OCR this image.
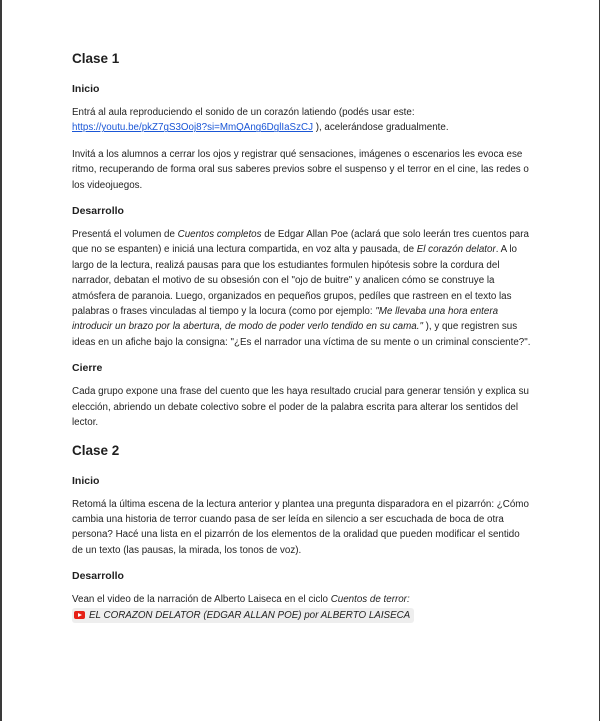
Clase 1
Inicio

Entrá al aula reproduciendo el sonido de un corazón latiendo (podés usar este: https://youtu.be/pkZ7gS3Ooj8?si=MmQAng6DglIaSzCJ ), acelerándose gradualmente.

Invitá a los alumnos a cerrar los ojos y registrar qué sensaciones, imágenes o escenarios les evoca ese ritmo, recuperando de forma oral sus saberes previos sobre el suspenso y el terror en el cine, las redes o los videojuegos.

Desarrollo

Presentá el volumen de Cuentos completos de Edgar Allan Poe (aclará que solo leerán tres cuentos para que no se espanten) e iniciá una lectura compartida, en voz alta y pausada, de El corazón delator. A lo largo de la lectura, realizá pausas para que los estudiantes formulen hipótesis sobre la cordura del narrador, debatan el motivo de su obsesión con el "ojo de buitre" y analicen cómo se construye la atmósfera de paranoia. Luego, organizados en pequeños grupos, pedíles que rastreen en el texto las palabras o frases vinculadas al tiempo y la locura (como por ejemplo: "Me llevaba una hora entera introducir un brazo por la abertura, de modo de poder verlo tendido en su cama." ), y que registren sus ideas en un afiche bajo la consigna: "¿Es el narrador una víctima de su mente o un criminal consciente?".

Cierre

Cada grupo expone una frase del cuento que les haya resultado crucial para generar tensión y explica su elección, abriendo un debate colectivo sobre el poder de la palabra escrita para alterar los sentidos del lector.

Clase 2
Inicio

Retomá la última escena de la lectura anterior y plantea una pregunta disparadora en el pizarrón: ¿Cómo cambia una historia de terror cuando pasa de ser leída en silencio a ser escuchada de boca de otra persona? Hacé una lista en el pizarrón de los elementos de la oralidad que pueden modificar el sentido de un texto (las pausas, la mirada, los tonos de voz).

Desarrollo

Vean el video de la narración de Alberto Laiseca en el ciclo Cuentos de terror:

EL CORAZON DELATOR (EDGAR ALLAN POE) por ALBERTO LAISECA
